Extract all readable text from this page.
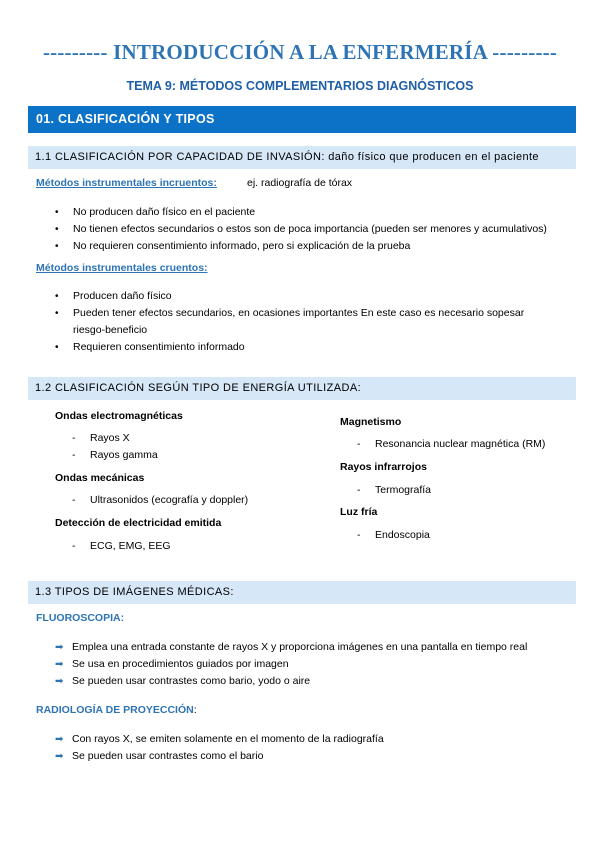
--------- INTRODUCCIÓN A LA ENFERMERÍA ---------
TEMA 9: MÉTODOS COMPLEMENTARIOS DIAGNÓSTICOS
01. CLASIFICACIÓN Y TIPOS
1.1 CLASIFICACIÓN POR CAPACIDAD DE INVASIÓN: daño físico que producen en el paciente
Métodos instrumentales incruentos:	ej. radiografía de tórax
• No producen daño físico en el paciente
• No tienen efectos secundarios o estos son de poca importancia (pueden ser menores y acumulativos)
• No requieren consentimiento informado, pero si explicación de la prueba
Métodos instrumentales cruentos:
• Producen daño físico
• Pueden tener efectos secundarios, en ocasiones importantes En este caso es necesario sopesar
riesgo-beneficio
• Requieren consentimiento informado
1.2 CLASIFICACIÓN SEGÚN TIPO DE ENERGÍA UTILIZADA:
Ondas electromagnéticas
- Rayos X
- Rayos gamma
Ondas mecánicas
- Ultrasonidos (ecografía y doppler)
Detección de electricidad emitida
- ECG, EMG, EEG
Magnetismo
- Resonancia nuclear magnética (RM)
Rayos infrarrojos
- Termografía
Luz fría
- Endoscopia
1.3 TIPOS DE IMÁGENES MÉDICAS:
FLUOROSCOPIA:
➡ Emplea una entrada constante de rayos X y proporciona imágenes en una pantalla en tiempo real
➡ Se usa en procedimientos guiados por imagen
➡ Se pueden usar contrastes como bario, yodo o aire
RADIOLOGÍA DE PROYECCIÓN:
➡ Con rayos X, se emiten solamente en el momento de la radiografía
➡ Se pueden usar contrastes como el bario
